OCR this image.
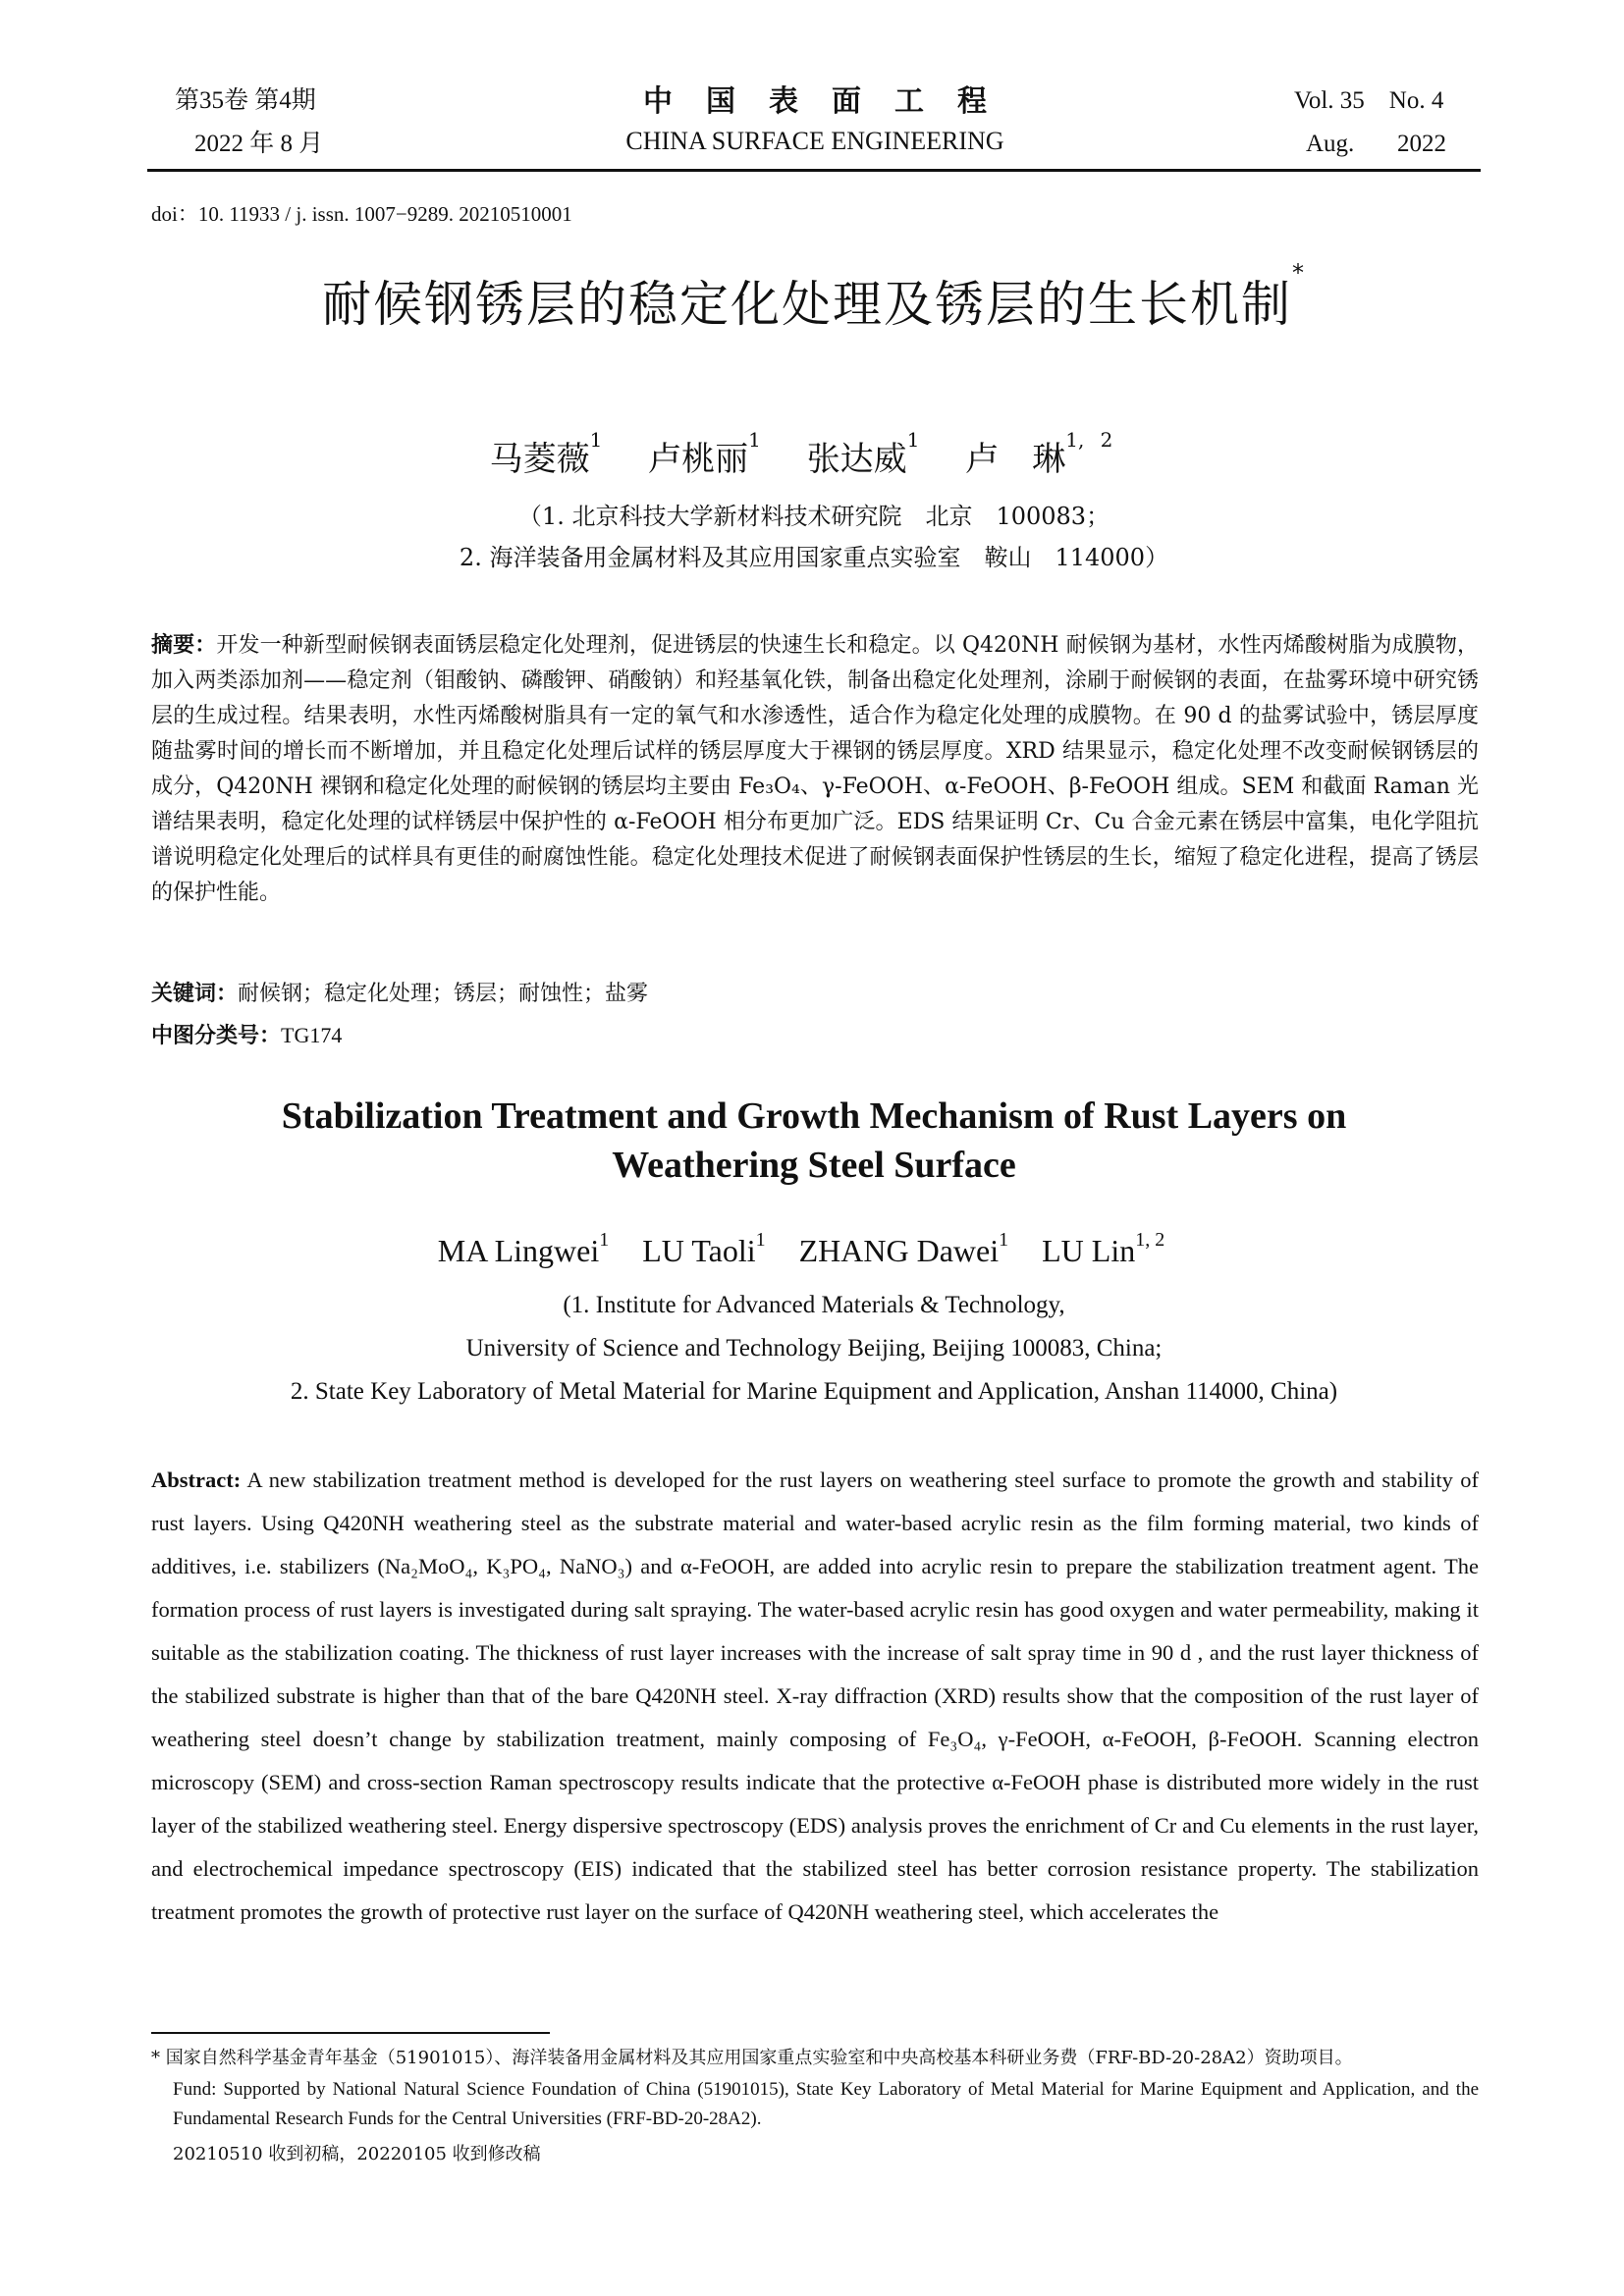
第35卷 第4期
2022 年 8 月
中国表面工程
CHINA SURFACE ENGINEERING
Vol. 35    No. 4
Aug.       2022
doi：10. 11933 / j. issn. 1007−9289. 20210510001
耐候钢锈层的稳定化处理及锈层的生长机制*
马菱薇$^1$ 卢桃丽$^1$ 张达威$^1$ 卢　琳$^{1, 2}$
（1. 北京科技大学新材料技术研究院　北京　100083；
2. 海洋装备用金属材料及其应用国家重点实验室　鞍山　114000）
摘要：开发一种新型耐候钢表面锈层稳定化处理剂，促进锈层的快速生长和稳定。以 Q420NH 耐候钢为基材，水性丙烯酸树脂为成膜物，加入两类添加剂——稳定剂（钼酸钠、磷酸钾、硝酸钠）和羟基氧化铁，制备出稳定化处理剂，涂刷于耐候钢的表面，在盐雾环境中研究锈层的生成过程。结果表明，水性丙烯酸树脂具有一定的氧气和水渗透性，适合作为稳定化处理的成膜物。在 90 d 的盐雾试验中，锈层厚度随盐雾时间的增长而不断增加，并且稳定化处理后试样的锈层厚度大于裸钢的锈层厚度。XRD 结果显示，稳定化处理不改变耐候钢锈层的成分，Q420NH 裸钢和稳定化处理的耐候钢的锈层均主要由 Fe₃O₄、γ-FeOOH、α-FeOOH、β-FeOOH 组成。SEM 和截面 Raman 光谱结果表明，稳定化处理的试样锈层中保护性的 α-FeOOH 相分布更加广泛。EDS 结果证明 Cr、Cu 合金元素在锈层中富集，电化学阻抗谱说明稳定化处理后的试样具有更佳的耐腐蚀性能。稳定化处理技术促进了耐候钢表面保护性锈层的生长，缩短了稳定化进程，提高了锈层的保护性能。
关键词：耐候钢；稳定化处理；锈层；耐蚀性；盐雾
中图分类号：TG174
Stabilization Treatment and Growth Mechanism of Rust Layers on
Weathering Steel Surface
MA Lingwei$^1$ LU Taoli$^1$ ZHANG Dawei$^1$ LU Lin$^{1, 2}$
(1. Institute for Advanced Materials & Technology,
University of Science and Technology Beijing, Beijing 100083, China;
2. State Key Laboratory of Metal Material for Marine Equipment and Application, Anshan 114000, China)
Abstract: A new stabilization treatment method is developed for the rust layers on weathering steel surface to promote the growth and stability of rust layers. Using Q420NH weathering steel as the substrate material and water-based acrylic resin as the film forming material, two kinds of additives, i.e. stabilizers (Na₂MoO₄, K₃PO₄, NaNO₃) and α-FeOOH, are added into acrylic resin to prepare the stabilization treatment agent. The formation process of rust layers is investigated during salt spraying. The water-based acrylic resin has good oxygen and water permeability, making it suitable as the stabilization coating. The thickness of rust layer increases with the increase of salt spray time in 90 d , and the rust layer thickness of the stabilized substrate is higher than that of the bare Q420NH steel. X-ray diffraction (XRD) results show that the composition of the rust layer of weathering steel doesn’t change by stabilization treatment, mainly composing of Fe₃O₄, γ-FeOOH, α-FeOOH, β-FeOOH. Scanning electron microscopy (SEM) and cross-section Raman spectroscopy results indicate that the protective α-FeOOH phase is distributed more widely in the rust layer of the stabilized weathering steel. Energy dispersive spectroscopy (EDS) analysis proves the enrichment of Cr and Cu elements in the rust layer, and electrochemical impedance spectroscopy (EIS) indicated that the stabilized steel has better corrosion resistance property. The stabilization treatment promotes the growth of protective rust layer on the surface of Q420NH weathering steel, which accelerates the
* 国家自然科学基金青年基金（51901015）、海洋装备用金属材料及其应用国家重点实验室和中央高校基本科研业务费（FRF-BD-20-28A2）资助项目。
Fund: Supported by National Natural Science Foundation of China (51901015), State Key Laboratory of Metal Material for Marine Equipment and Application, and the Fundamental Research Funds for the Central Universities (FRF-BD-20-28A2).
20210510 收到初稿，20220105 收到修改稿
